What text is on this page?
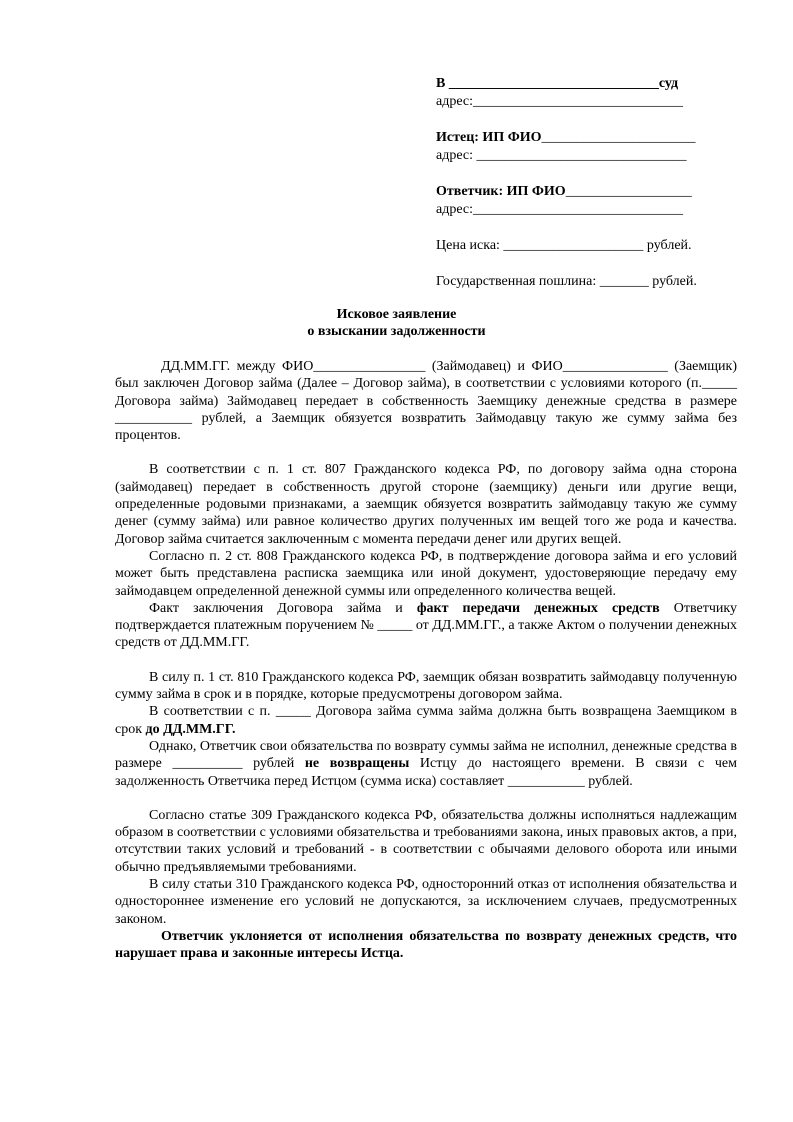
В ______________________________суд

адрес:______________________________

Истец: ИП ФИО______________________

адрес: ______________________________

Ответчик: ИП ФИО__________________

адрес:______________________________

Цена иска: ____________________ рублей.

Государственная пошлина: _______ рублей.

Исковое заявление
о взыскании задолженности

ДД.ММ.ГГ. между ФИО________________ (Займодавец) и ФИО_______________ (Заемщик) был заключен Договор займа (Далее – Договор займа), в соответствии с условиями которого (п._____ Договора займа) Займодавец передает в собственность Заемщику денежные средства в размере ___________ рублей, а Заемщик обязуется возвратить Займодавцу такую же сумму займа без процентов.

В соответствии с п. 1 ст. 807 Гражданского кодекса РФ, по договору займа одна сторона (займодавец) передает в собственность другой стороне (заемщику) деньги или другие вещи, определенные родовыми признаками, а заемщик обязуется возвратить займодавцу такую же сумму денег (сумму займа) или равное количество других полученных им вещей того же рода и качества. Договор займа считается заключенным с момента передачи денег или других вещей.

Согласно п. 2 ст. 808 Гражданского кодекса РФ, в подтверждение договора займа и его условий может быть представлена расписка заемщика или иной документ, удостоверяющие передачу ему займодавцем определенной денежной суммы или определенного количества вещей.

Факт заключения Договора займа и факт передачи денежных средств Ответчику подтверждается платежным поручением № _____ от ДД.ММ.ГГ., а также Актом о получении денежных средств от ДД.ММ.ГГ.

В силу п. 1 ст. 810 Гражданского кодекса РФ, заемщик обязан возвратить займодавцу полученную сумму займа в срок и в порядке, которые предусмотрены договором займа.

В соответствии с п. _____ Договора займа сумма займа должна быть возвращена Заемщиком в срок до ДД.ММ.ГГ.

Однако, Ответчик свои обязательства по возврату суммы займа не исполнил, денежные средства в размере __________ рублей не возвращены Истцу до настоящего времени. В связи с чем задолженность Ответчика перед Истцом (сумма иска) составляет ___________ рублей.

Согласно статье 309 Гражданского кодекса РФ, обязательства должны исполняться надлежащим образом в соответствии с условиями обязательства и требованиями закона, иных правовых актов, а при, отсутствии таких условий и требований - в соответствии с обычаями делового оборота или иными обычно предъявляемыми требованиями.

В силу статьи 310 Гражданского кодекса РФ, односторонний отказ от исполнения обязательства и одностороннее изменение его условий не допускаются, за исключением случаев, предусмотренных законом.

Ответчик уклоняется от исполнения обязательства по возврату денежных средств, что нарушает права и законные интересы Истца.
